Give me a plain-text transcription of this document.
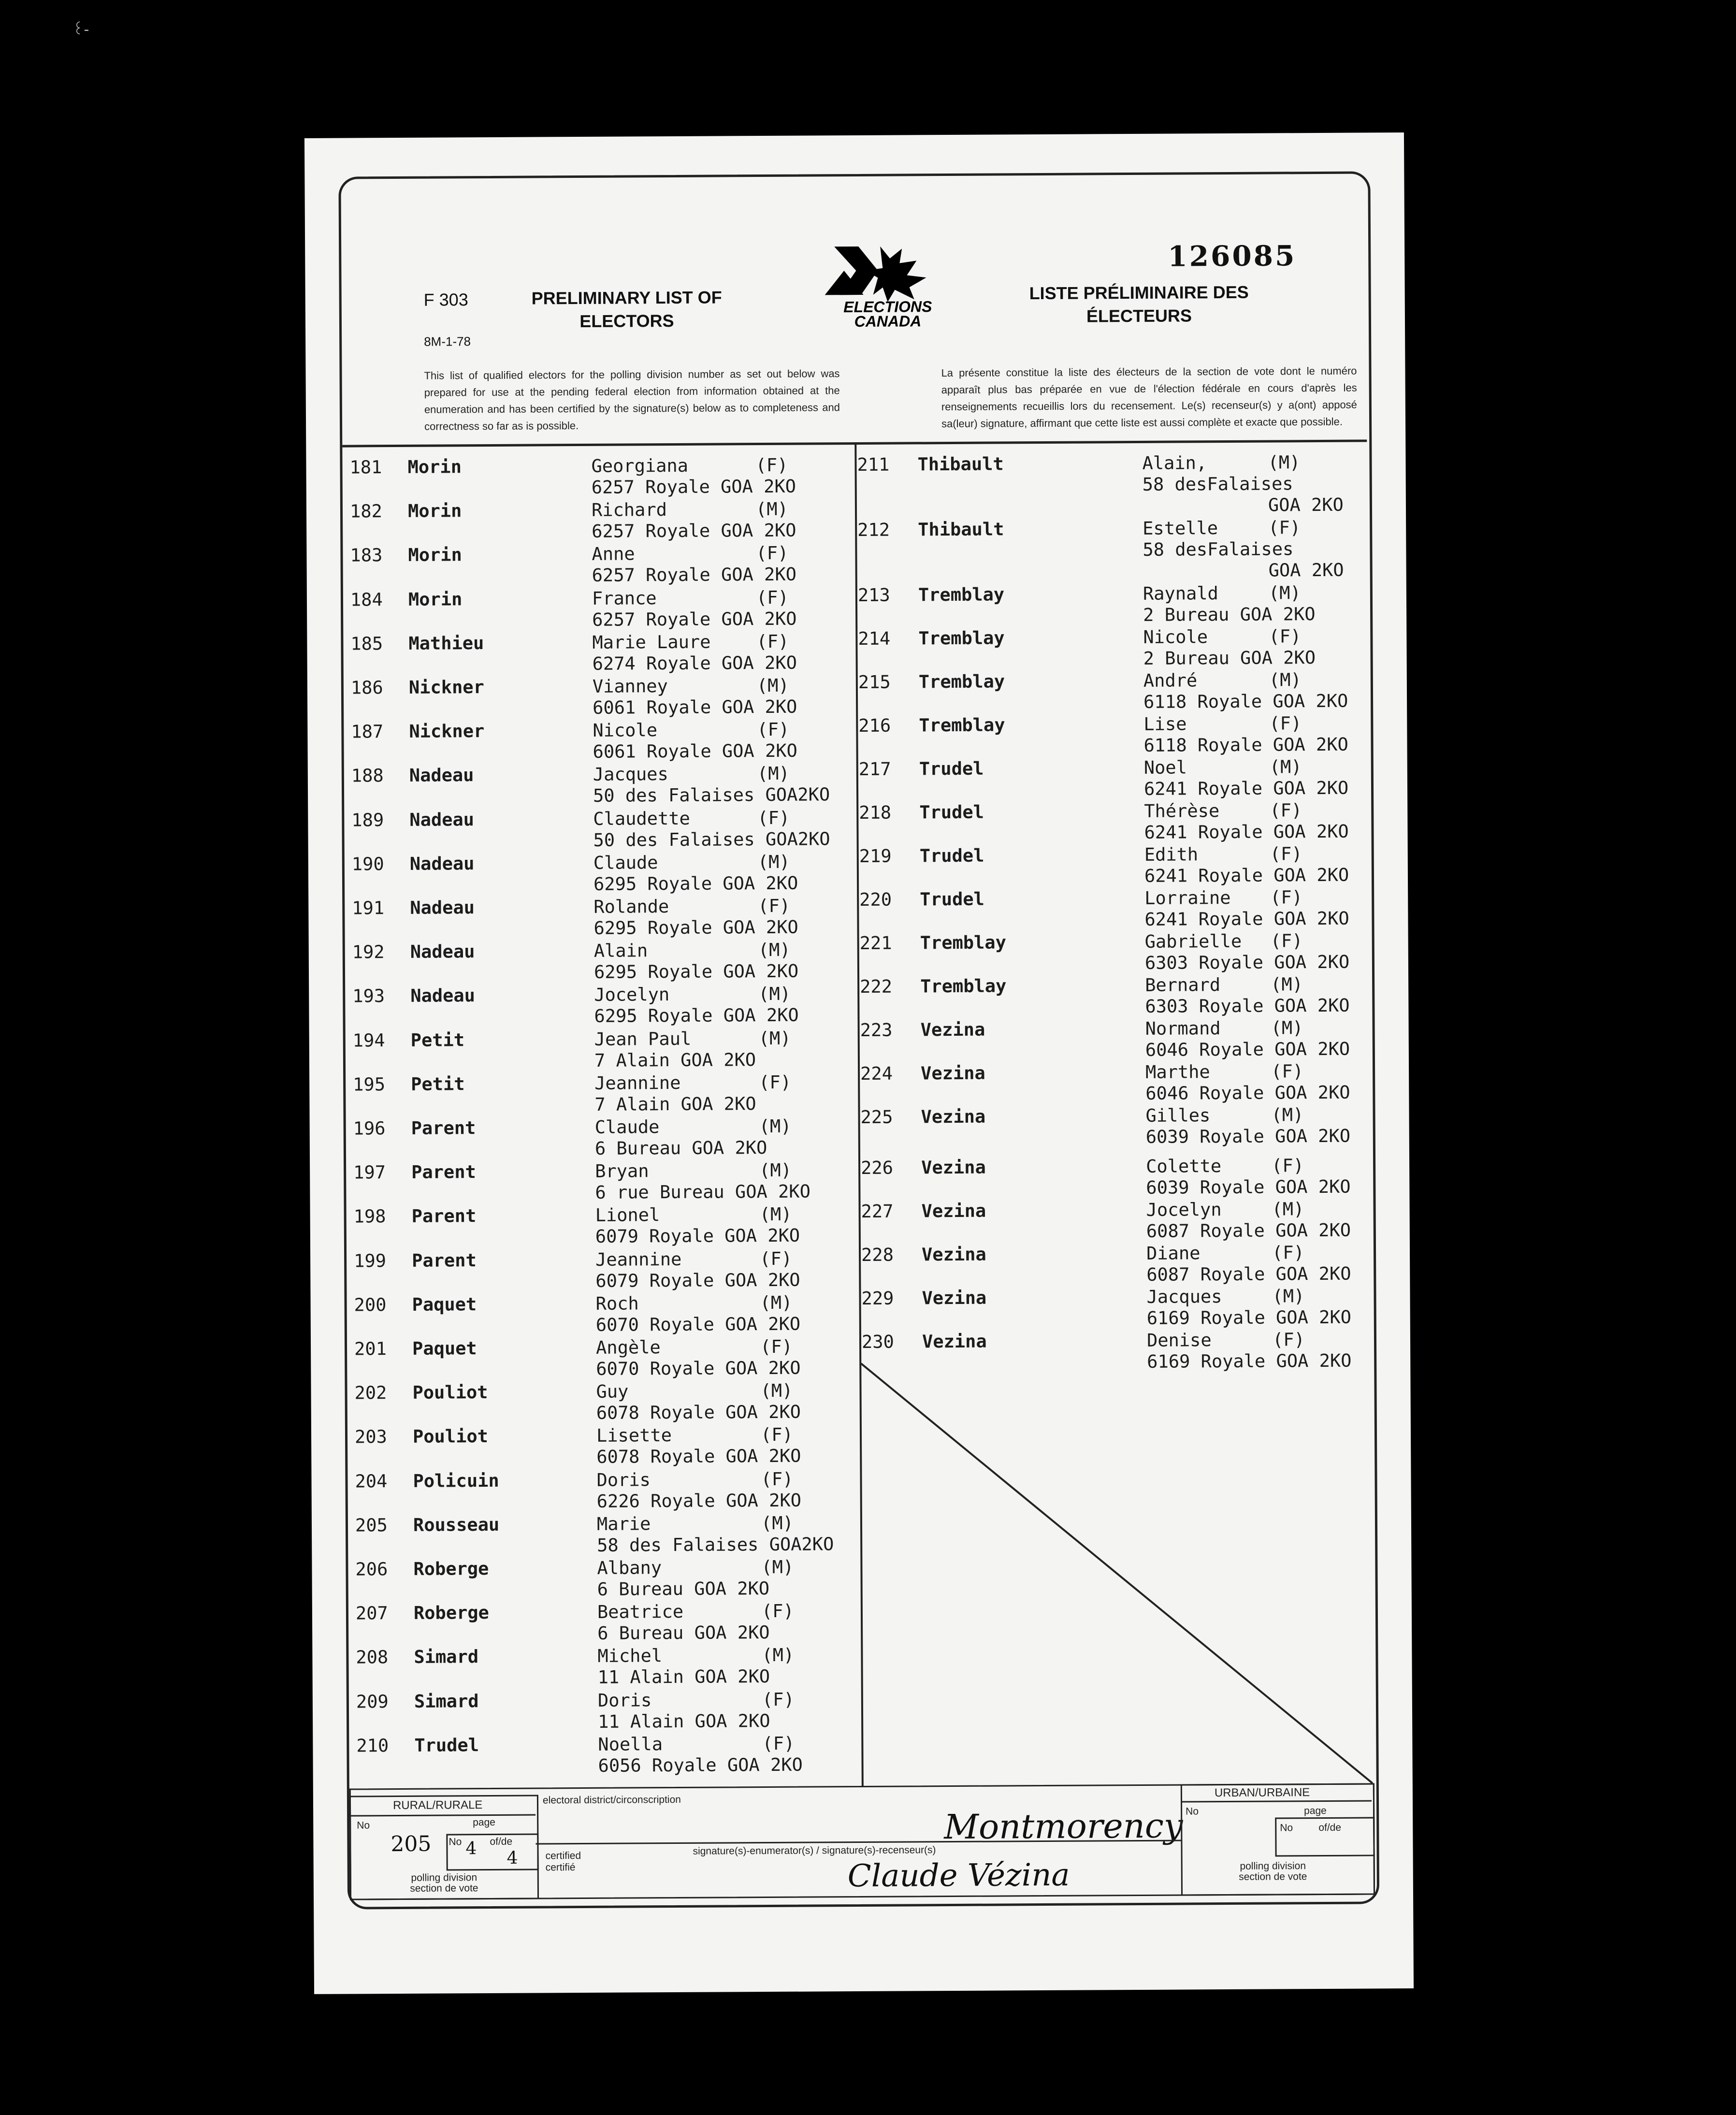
꒰-
F 303
8M-1-78
PRELIMINARY LIST OF ELECTORS
LISTE PRÉLIMINAIRE DES ÉLECTEURS
126085
ELECTIONS CANADA
This list of qualified electors for the polling division number as set out below was prepared for use at the pending federal election from information obtained at the enumeration and has been certified by the signature(s) below as to completeness and correctness so far as is possible.
La présente constitue la liste des électeurs de la section de vote dont le numéro apparaît plus bas préparée en vue de l'élection fédérale en cours d'après les renseignements recueillis lors du recensement. Le(s) recenseur(s) y a(ont) apposé sa(leur) signature, affirmant que cette liste est aussi complète et exacte que possible.
181 Morin	Georgiana	(F)
6257 Royale GOA 2KO
182 Morin	Richard	(M)
6257 Royale GOA 2KO
183 Morin	Anne	(F)
6257 Royale GOA 2KO
184 Morin	France	(F)
6257 Royale GOA 2KO
185 Mathieu	Marie Laure	(F)
6274 Royale GOA 2KO
186 Nickner	Vianney	(M)
6061 Royale GOA 2KO
187 Nickner	Nicole	(F)
6061 Royale GOA 2KO
188 Nadeau	Jacques	(M)
50 des Falaises GOA2KO
189 Nadeau	Claudette	(F)
50 des Falaises GOA2KO
190 Nadeau	Claude	(M)
6295 Royale GOA 2KO
191 Nadeau	Rolande	(F)
6295 Royale GOA 2KO
192 Nadeau	Alain	(M)
6295 Royale GOA 2KO
193 Nadeau	Jocelyn	(M)
6295 Royale GOA 2KO
194 Petit	Jean Paul	(M)
7 Alain GOA 2KO
195 Petit	Jeannine	(F)
7 Alain GOA 2KO
196 Parent	Claude	(M)
6 Bureau GOA 2KO
197 Parent	Bryan	(M)
6 rue Bureau GOA 2KO
198 Parent	Lionel	(M)
6079 Royale GOA 2KO
199 Parent	Jeannine	(F)
6079 Royale GOA 2KO
200 Paquet	Roch	(M)
6070 Royale GOA 2KO
201 Paquet	Angèle	(F)
6070 Royale GOA 2KO
202 Pouliot	Guy	(M)
6078 Royale GOA 2KO
203 Pouliot	Lisette	(F)
6078 Royale GOA 2KO
204 Policuin	Doris	(F)
6226 Royale GOA 2KO
205 Rousseau	Marie	(M)
58 des Falaises GOA2KO
206 Roberge	Albany	(M)
6 Bureau GOA 2KO
207 Roberge	Beatrice	(F)
6 Bureau GOA 2KO
208 Simard	Michel	(M)
11 Alain GOA 2KO
209 Simard	Doris	(F)
11 Alain GOA 2KO
210 Trudel	Noella	(F)
6056 Royale GOA 2KO
211 Thibault	Alain,	(M)
58 desFalaises
GOA 2KO
212 Thibault	Estelle	(F)
58 desFalaises
GOA 2KO
213 Tremblay	Raynald	(M)
2 Bureau GOA 2KO
214 Tremblay	Nicole	(F)
2 Bureau GOA 2KO
215 Tremblay	André	(M)
6118 Royale GOA 2KO
216 Tremblay	Lise	(F)
6118 Royale GOA 2KO
217 Trudel	Noel	(M)
6241 Royale GOA 2KO
218 Trudel	Thérèse	(F)
6241 Royale GOA 2KO
219 Trudel	Edith	(F)
6241 Royale GOA 2KO
220 Trudel	Lorraine (F)
6241 Royale GOA 2KO
221 Tremblay	Gabrielle (F)
6303 Royale GOA 2KO
222 Tremblay	Bernard	(M)
6303 Royale GOA 2KO
223 Vezina	Normand	(M)
6046 Royale GOA 2KO
224 Vezina	Marthe	(F)
6046 Royale GOA 2KO
225 Vezina	Gilles	(M)
6039 Royale GOA 2KO
226 Vezina	Colette	(F)
6039 Royale GOA 2KO
227 Vezina	Jocelyn	(M)
6087 Royale GOA 2KO
228 Vezina	Diane	(F)
6087 Royale GOA 2KO
229 Vezina	Jacques	(M)
6169 Royale GOA 2KO
230 Vezina	Denise	(F)
6169 Royale GOA 2KO
RURAL/RURALE
No	page
205 No 4 of/de
4
polling division section de vote
electoral district/circonscription
Montmorency
certified certifié
signature(s)-enumerator(s) / signature(s)-recenseur(s)
Claude Vézina
URBAN/URBAINE
No	page
No	of/de
polling division section de vote
